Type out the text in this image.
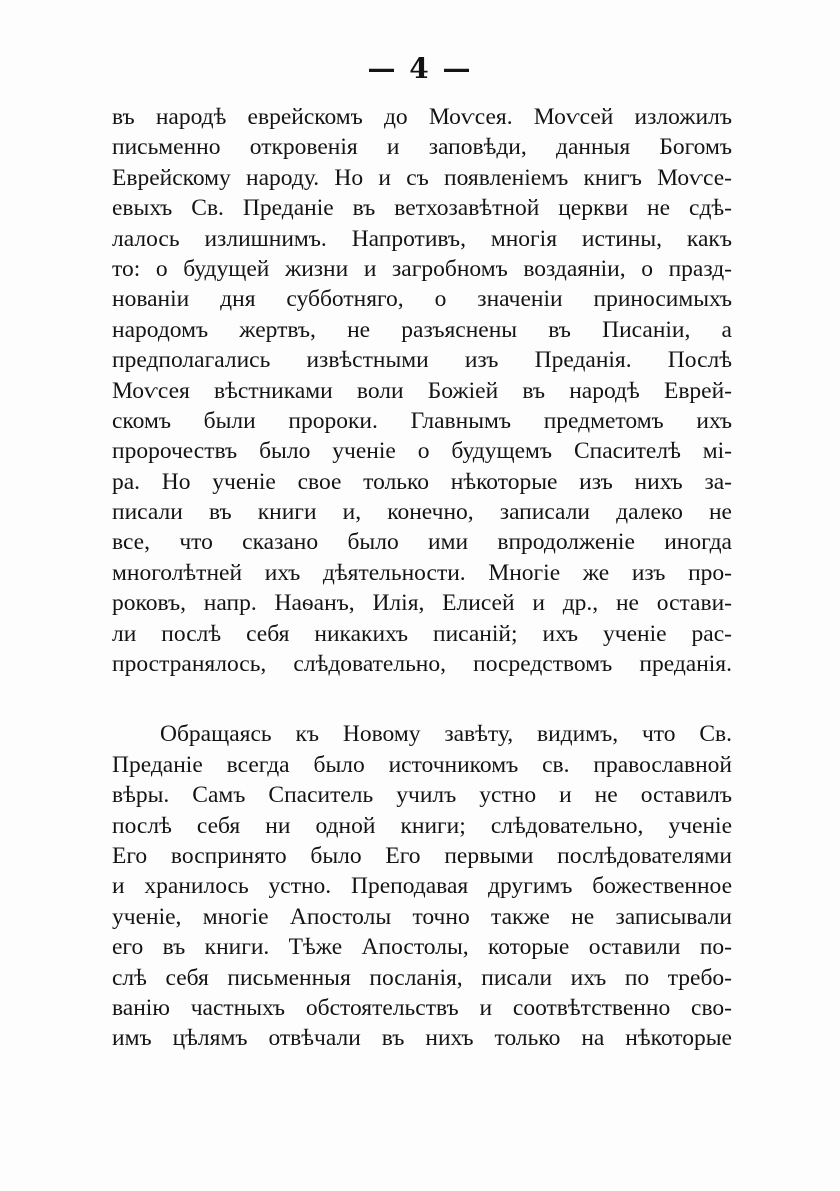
— 4 —
въ народѣ еврейскомъ до Моѵсея. Моѵсей изложилъ
письменно откровенія и заповѣди, данныя Богомъ
Еврейскому народу. Но и съ появленіемъ книгъ Моѵсе-
евыхъ Св. Преданіе въ ветхозавѣтной церкви не сдѣ-
лалось излишнимъ. Напротивъ, многія истины, какъ
то: о будущей жизни и загробномъ воздаяніи, о празд-
нованіи дня субботняго, о значеніи приносимыхъ
народомъ жертвъ, не разъяснены въ Писаніи, а
предполагались извѣстными изъ Преданія. Послѣ
Моѵсея вѣстниками воли Божіей въ народѣ Еврей-
скомъ были пророки. Главнымъ предметомъ ихъ
пророчествъ было ученіе о будущемъ Спасителѣ мі-
ра. Но ученіе свое только нѣкоторые изъ нихъ за-
писали въ книги и, конечно, записали далеко не
все, что сказано было ими впродолженіе иногда
многолѣтней ихъ дѣятельности. Многіе же изъ про-
роковъ, напр. Наѳанъ, Илія, Елисей и др., не остави-
ли послѣ себя никакихъ писаній; ихъ ученіе рас-
пространялось, слѣдовательно, посредствомъ преданія.
Обращаясь къ Новому завѣту, видимъ, что Св.
Преданіе всегда было источникомъ св. православной
вѣры. Самъ Спаситель училъ устно и не оставилъ
послѣ себя ни одной книги; слѣдовательно, ученіе
Его воспринято было Его первыми послѣдователями
и хранилось устно. Преподавая другимъ божественное
ученіе, многіе Апостолы точно также не записывали
его въ книги. Тѣже Апостолы, которые оставили по-
слѣ себя письменныя посланія, писали ихъ по требо-
ванію частныхъ обстоятельствъ и соотвѣтственно сво-
имъ цѣлямъ отвѣчали въ нихъ только на нѣкоторые
